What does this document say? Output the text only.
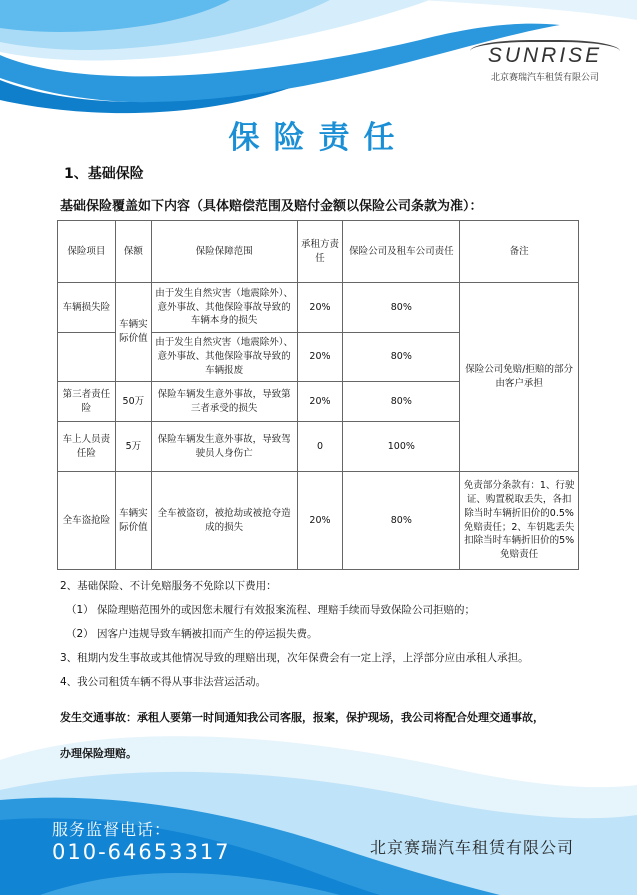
SUNRISE
北京赛瑞汽车租赁有限公司
保险责任
1、基础保险
基础保险覆盖如下内容（具体赔偿范围及赔付金额以保险公司条款为准）：
保险项目	保额	保险保障范围	承租方责任	保险公司及租车公司责任	备注
车辆损失险	车辆实际价值	由于发生自然灾害（地震除外）、意外事故、其他保险事故导致的车辆本身的损失	20%	80%	保险公司免赔/拒赔的部分由客户承担
		由于发生自然灾害（地震除外）、意外事故、其他保险事故导致的车辆报废	20%	80%	
第三者责任险	50万	保险车辆发生意外事故，导致第三者承受的损失	20%	80%	
车上人员责任险	5万	保险车辆发生意外事故，导致驾驶员人身伤亡	0	100%	
全车盗抢险	车辆实际价值	全车被盗窃，被抢劫或被抢夺造成的损失	20%	80%	免责部分条款有：1、行驶证、购置税取丢失，各扣除当时车辆折旧价的0.5%免赔责任；2、车钥匙丢失扣除当时车辆折旧价的5%免赔责任
2、基础保险、不计免赔服务不免除以下费用：
（1） 保险理赔范围外的或因您未履行有效报案流程、理赔手续而导致保险公司拒赔的；
（2） 因客户违规导致车辆被扣而产生的停运损失费。
3、租期内发生事故或其他情况导致的理赔出现，次年保费会有一定上浮，上浮部分应由承租人承担。
4、我公司租赁车辆不得从事非法营运活动。
发生交通事故：承租人要第一时间通知我公司客服，报案，保护现场，我公司将配合处理交通事故，
办理保险理赔。
服务监督电话：
010-64653317	北京赛瑞汽车租赁有限公司
